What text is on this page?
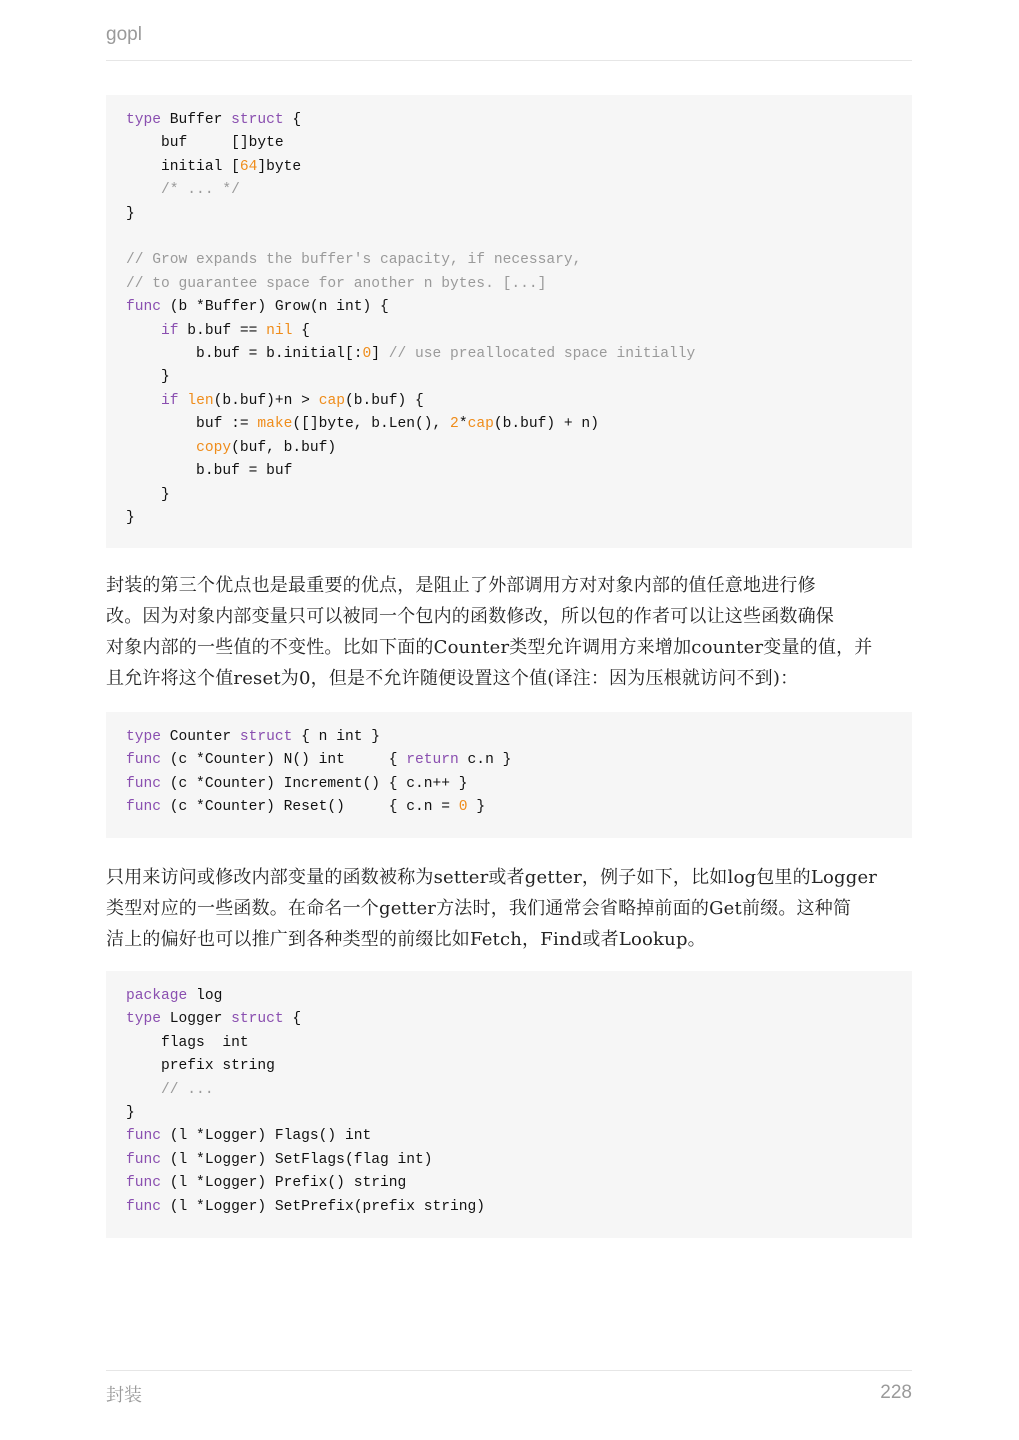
gopl
type Buffer struct {
buf     []byte
initial [64]byte
/* ... */
}

// Grow expands the buffer's capacity, if necessary,
// to guarantee space for another n bytes. [...]
func (b *Buffer) Grow(n int) {
if b.buf == nil {
b.buf = b.initial[:0] // use preallocated space initially
}
if len(b.buf)+n > cap(b.buf) {
buf := make([]byte, b.Len(), 2*cap(b.buf) + n)
copy(buf, b.buf)
b.buf = buf
}
}
封装的第三个优点也是最重要的优点，是阻止了外部调用方对对象内部的值任意地进行修
改。因为对象内部变量只可以被同一个包内的函数修改，所以包的作者可以让这些函数确保
对象内部的一些值的不变性。比如下面的Counter类型允许调用方来增加counter变量的值，并
且允许将这个值reset为0，但是不允许随便设置这个值(译注：因为压根就访问不到)：
type Counter struct { n int }
func (c *Counter) N() int     { return c.n }
func (c *Counter) Increment() { c.n++ }
func (c *Counter) Reset()     { c.n = 0 }
只用来访问或修改内部变量的函数被称为setter或者getter，例子如下，比如log包里的Logger
类型对应的一些函数。在命名一个getter方法时，我们通常会省略掉前面的Get前缀。这种简
洁上的偏好也可以推广到各种类型的前缀比如Fetch，Find或者Lookup。
package log
type Logger struct {
flags  int
prefix string
// ...
}
func (l *Logger) Flags() int
func (l *Logger) SetFlags(flag int)
func (l *Logger) Prefix() string
func (l *Logger) SetPrefix(prefix string)
封装	228
